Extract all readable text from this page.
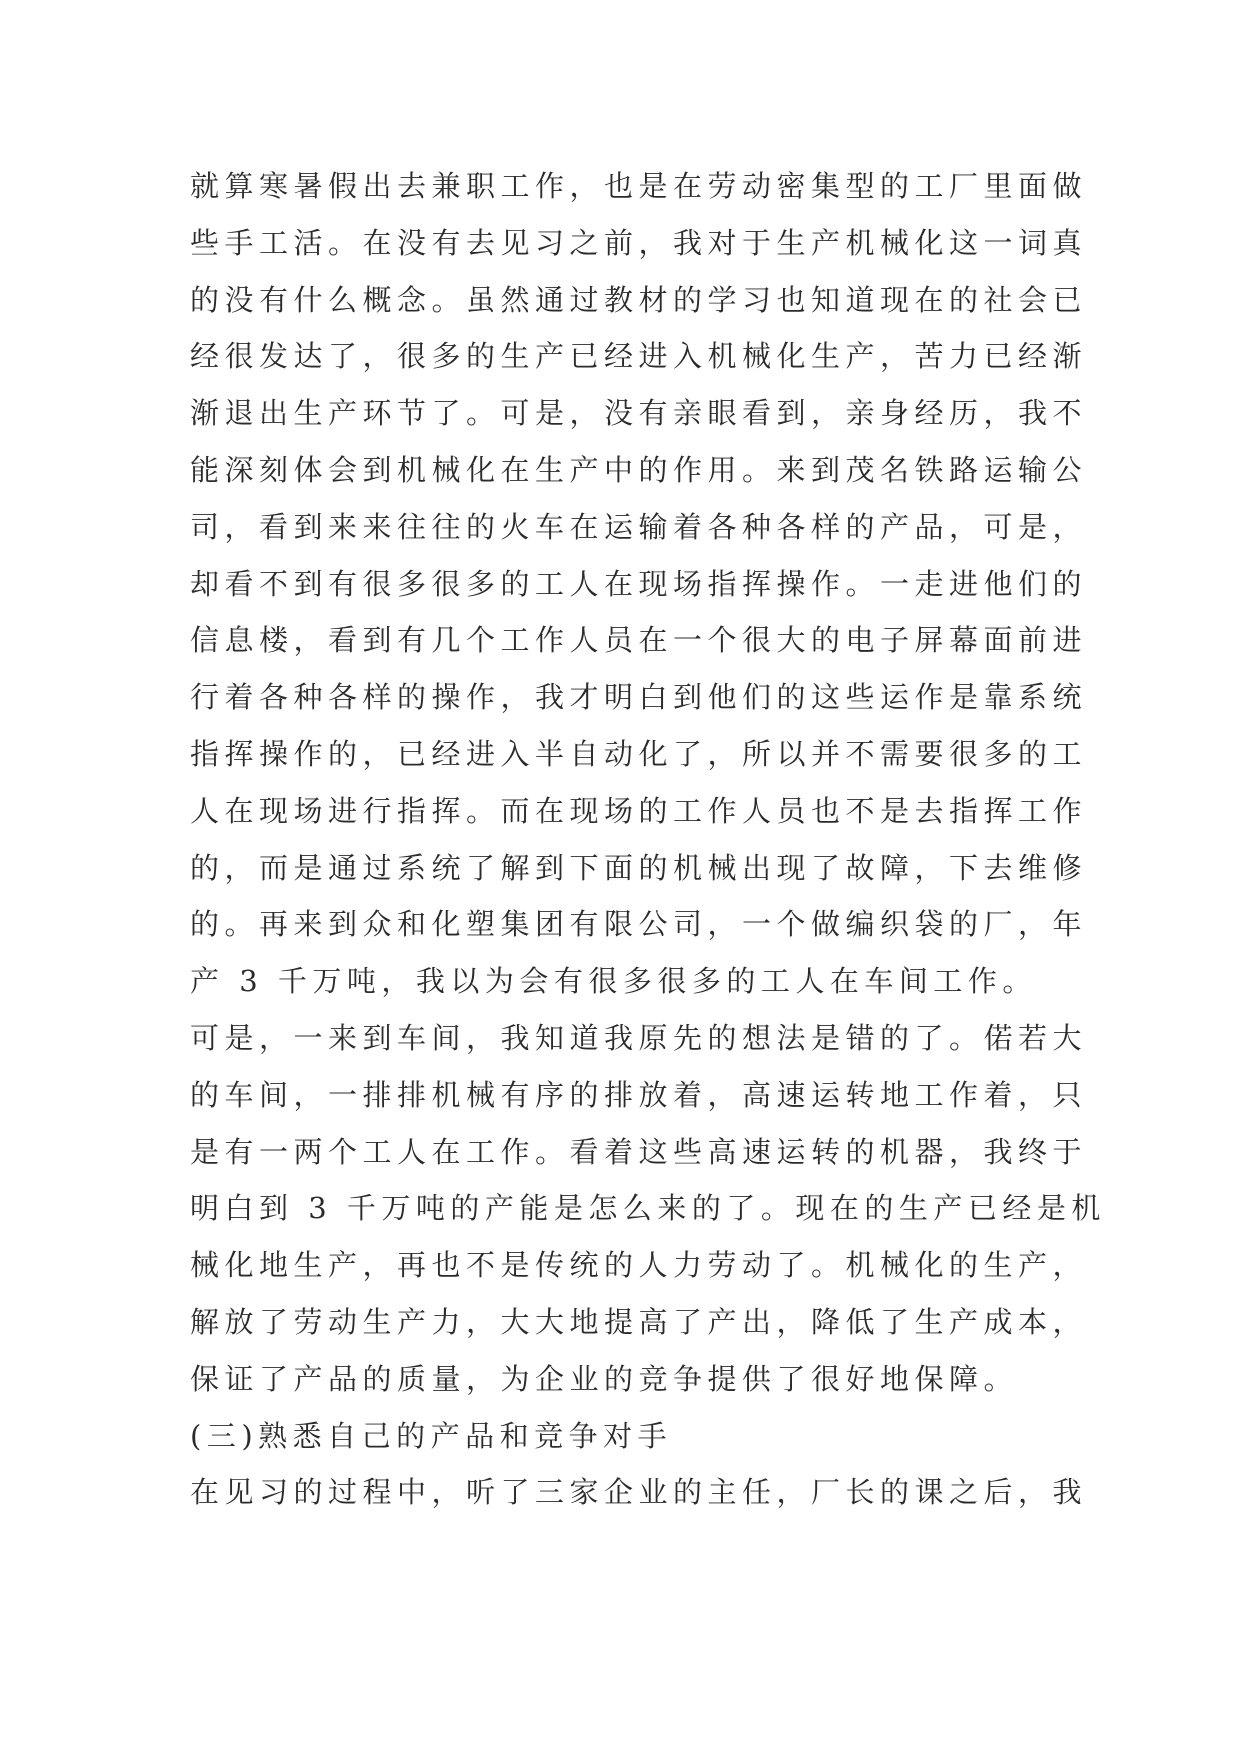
就算寒暑假出去兼职工作，也是在劳动密集型的工厂里面做
些手工活。在没有去见习之前，我对于生产机械化这一词真
的没有什么概念。虽然通过教材的学习也知道现在的社会已
经很发达了，很多的生产已经进入机械化生产，苦力已经渐
渐退出生产环节了。可是，没有亲眼看到，亲身经历，我不
能深刻体会到机械化在生产中的作用。来到茂名铁路运输公
司，看到来来往往的火车在运输着各种各样的产品，可是，
却看不到有很多很多的工人在现场指挥操作。一走进他们的
信息楼，看到有几个工作人员在一个很大的电子屏幕面前进
行着各种各样的操作，我才明白到他们的这些运作是靠系统
指挥操作的，已经进入半自动化了，所以并不需要很多的工
人在现场进行指挥。而在现场的工作人员也不是去指挥工作
的，而是通过系统了解到下面的机械出现了故障，下去维修
的。再来到众和化塑集团有限公司，一个做编织袋的厂，年
产 3 千万吨，我以为会有很多很多的工人在车间工作。
可是，一来到车间，我知道我原先的想法是错的了。偌若大
的车间，一排排机械有序的排放着，高速运转地工作着，只
是有一两个工人在工作。看着这些高速运转的机器，我终于
明白到 3 千万吨的产能是怎么来的了。现在的生产已经是机
械化地生产，再也不是传统的人力劳动了。机械化的生产，
解放了劳动生产力，大大地提高了产出，降低了生产成本，
保证了产品的质量，为企业的竞争提供了很好地保障。
(三)熟悉自己的产品和竞争对手
在见习的过程中，听了三家企业的主任，厂长的课之后，我
